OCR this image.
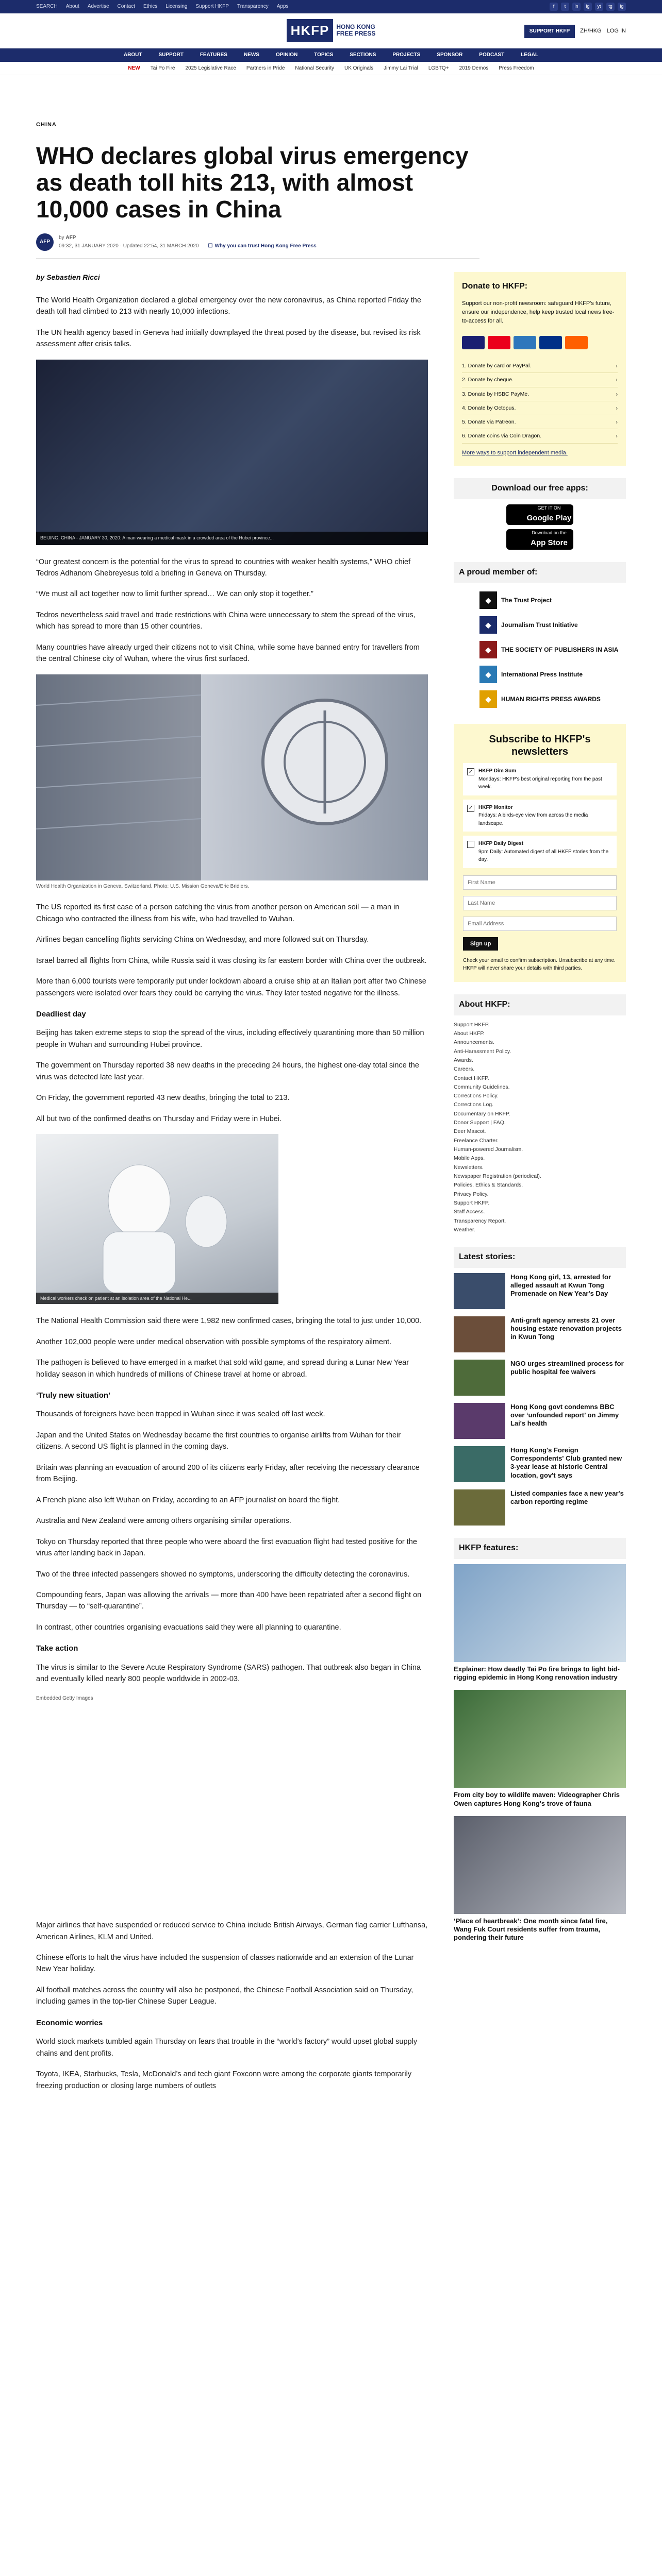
SEARCH About Advertise Contact Ethics Licensing Support HKFP Transparency Apps	f	t	in	ig	yt	tg	ig
HKFP	HONG KONG
FREE PRESS	SUPPORT HKFP	ZH/HKG LOG IN
ABOUT	SUPPORT	FEATURES	NEWS	OPINION	TOPICS	SECTIONS	PROJECTS	SPONSOR	PODCAST	LEGAL
NEW Tai Po Fire 2025 Legislative Race Partners in Pride National Security UK Originals Jimmy Lai Trial LGBTQ+ 2019 Demos Press Freedom
CHINA
WHO declares global virus emergency as death toll hits 213, with almost 10,000 cases in China
AFP
by AFP
09:32, 31 JANUARY 2020 · Updated 22:54, 31 MARCH 2020 ☐ Why you can trust Hong Kong Free Press
by Sebastien Ricci

The World Health Organization declared a global emergency over the new coronavirus, as China reported Friday the death toll had climbed to 213 with nearly 10,000 infections.

The UN health agency based in Geneva had initially downplayed the threat posed by the disease, but revised its risk assessment after crisis talks.

BEIJING, CHINA - JANUARY 30, 2020: A man wearing a medical mask in a crowded area of the Hubei province...

“Our greatest concern is the potential for the virus to spread to countries with weaker health systems,” WHO chief Tedros Adhanom Ghebreyesus told a briefing in Geneva on Thursday.

“We must all act together now to limit further spread… We can only stop it together.”

Tedros nevertheless said travel and trade restrictions with China were unnecessary to stem the spread of the virus, which has spread to more than 15 other countries.

Many countries have already urged their citizens not to visit China, while some have banned entry for travellers from the central Chinese city of Wuhan, where the virus first surfaced.

World Health Organization in Geneva, Switzerland. Photo: U.S. Mission Geneva/Eric Bridiers.

The US reported its first case of a person catching the virus from another person on American soil — a man in Chicago who contracted the illness from his wife, who had travelled to Wuhan.

Airlines began cancelling flights servicing China on Wednesday, and more followed suit on Thursday.

Israel barred all flights from China, while Russia said it was closing its far eastern border with China over the outbreak.

More than 6,000 tourists were temporarily put under lockdown aboard a cruise ship at an Italian port after two Chinese passengers were isolated over fears they could be carrying the virus. They later tested negative for the illness.

Deadliest day

Beijing has taken extreme steps to stop the spread of the virus, including effectively quarantining more than 50 million people in Wuhan and surrounding Hubei province.

The government on Thursday reported 38 new deaths in the preceding 24 hours, the highest one-day total since the virus was detected late last year.

On Friday, the government reported 43 new deaths, bringing the total to 213.

All but two of the confirmed deaths on Thursday and Friday were in Hubei.

Medical workers check on patient at an isolation area of the National He...

The National Health Commission said there were 1,982 new confirmed cases, bringing the total to just under 10,000.

Another 102,000 people were under medical observation with possible symptoms of the respiratory ailment.

The pathogen is believed to have emerged in a market that sold wild game, and spread during a Lunar New Year holiday season in which hundreds of millions of Chinese travel at home or abroad.

‘Truly new situation’

Thousands of foreigners have been trapped in Wuhan since it was sealed off last week.

Japan and the United States on Wednesday became the first countries to organise airlifts from Wuhan for their citizens. A second US flight is planned in the coming days.

Britain was planning an evacuation of around 200 of its citizens early Friday, after receiving the necessary clearance from Beijing.

A French plane also left Wuhan on Friday, according to an AFP journalist on board the flight.

Australia and New Zealand were among others organising similar operations.

Tokyo on Thursday reported that three people who were aboard the first evacuation flight had tested positive for the virus after landing back in Japan.

Two of the three infected passengers showed no symptoms, underscoring the difficulty detecting the coronavirus.

Compounding fears, Japan was allowing the arrivals — more than 400 have been repatriated after a second flight on Thursday — to “self-quarantine”.

In contrast, other countries organising evacuations said they were all planning to quarantine.

Take action

The virus is similar to the Severe Acute Respiratory Syndrome (SARS) pathogen. That outbreak also began in China and eventually killed nearly 800 people worldwide in 2002-03.

Embedded Getty Images

Major airlines that have suspended or reduced service to China include British Airways, German flag carrier Lufthansa, American Airlines, KLM and United.

Chinese efforts to halt the virus have included the suspension of classes nationwide and an extension of the Lunar New Year holiday.

All football matches across the country will also be postponed, the Chinese Football Association said on Thursday, including games in the top-tier Chinese Super League.

Economic worries

World stock markets tumbled again Thursday on fears that trouble in the “world’s factory” would upset global supply chains and dent profits.

Toyota, IKEA, Starbucks, Tesla, McDonald’s and tech giant Foxconn were among the corporate giants temporarily freezing production or closing large numbers of outlets

Donate to HKFP:
Support our non-profit newsroom: safeguard HKFP's future, ensure our independence, help keep trusted local news free-to-access for all.
1. Donate by card or PayPal.	›
2. Donate by cheque.	›
3. Donate by HSBC PayMe.	›
4. Donate by Octopus.	›
5. Donate via Patreon.	›
6. Donate coins via Coin Dragon.	›
More ways to support independent media.
Download our free apps:
GET IT ON
Google Play
Download on the
App Store
A proud member of:
◆	The Trust Project
◆	Journalism Trust Initiative
◆	THE SOCIETY OF PUBLISHERS IN ASIA
◆	International Press Institute
◆	HUMAN RIGHTS PRESS AWARDS
Subscribe to HKFP's newsletters
✓ HKFP Dim Sum
Mondays: HKFP's best original reporting from the past week.
✓ HKFP Monitor
Fridays: A birds-eye view from across the media landscape.
HKFP Daily Digest
9pm Daily: Automated digest of all HKFP stories from the day.
First Name Last Name Email Address
Sign up
Check your email to confirm subscription. Unsubscribe at any time. HKFP will never share your details with third parties.
About HKFP:
Support HKFP.
About HKFP.
Announcements.
Anti-Harassment Policy.
Awards.
Careers.
Contact HKFP.
Community Guidelines.
Corrections Policy.
Corrections Log.
Documentary on HKFP.
Donor Support | FAQ.
Deer Mascot.
Freelance Charter.
Human-powered Journalism.
Mobile Apps.
Newsletters.
Newspaper Registration (periodical).
Policies, Ethics & Standards.
Privacy Policy.
Support HKFP.
Staff Access.
Transparency Report.
Weather.
Latest stories:
Hong Kong girl, 13, arrested for alleged assault at Kwun Tong Promenade on New Year's Day
Anti-graft agency arrests 21 over housing estate renovation projects in Kwun Tong
NGO urges streamlined process for public hospital fee waivers
Hong Kong govt condemns BBC over ‘unfounded report’ on Jimmy Lai's health
Hong Kong's Foreign Correspondents' Club granted new 3-year lease at historic Central location, gov't says
Listed companies face a new year's carbon reporting regime
HKFP features:
Explainer: How deadly Tai Po fire brings to light bid-rigging epidemic in Hong Kong renovation industry
From city boy to wildlife maven: Videographer Chris Owen captures Hong Kong's trove of fauna
‘Place of heartbreak’: One month since fatal fire, Wang Fuk Court residents suffer from trauma, pondering their future
